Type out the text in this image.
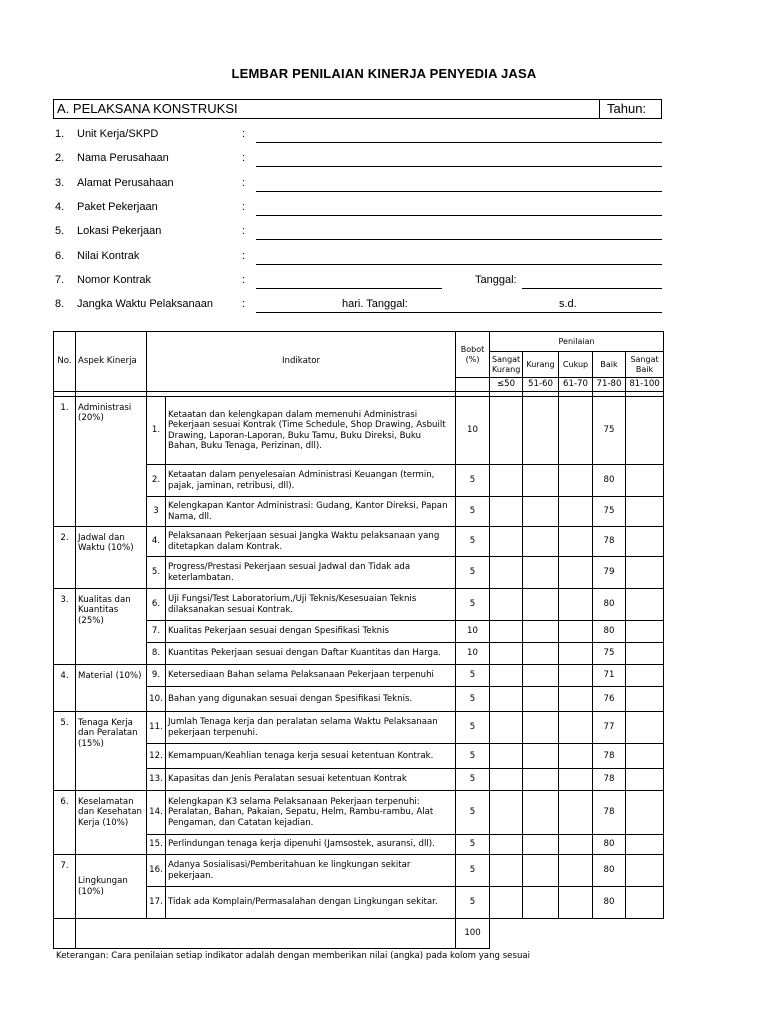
LEMBAR PENILAIAN KINERJA PENYEDIA JASA
A. PELAKSANA KONSTRUKSI	Tahun:
1. Unit Kerja/SKPD	:
2. Nama Perusahaan	:
3. Alamat Perusahaan	:
4. Paket Pekerjaan	:
5. Lokasi Pekerjaan	:
6. Nilai Kontrak	:
7. Nomor Kontrak	:	Tanggal:
8. Jangka Waktu Pelaksanaan	:	hari. Tanggal:	s.d.
No.	Aspek Kinerja	Indikator		Bobot (%)	Penilaian				
					Sangat Kurang	Kurang	Cukup	Baik	Sangat Baik
					≤50	51-60	61-70	71-80	81-100

1.	Administrasi (20%)	1.	Ketaatan dan kelengkapan dalam memenuhi Administrasi Pekerjaan sesuai Kontrak (Time Schedule, Shop Drawing, Asbuilt Drawing, Laporan-Laporan, Buku Tamu, Buku Direksi, Buku Bahan, Buku Tenaga, Perizinan, dll).	10				75	
		2.	Ketaatan dalam penyelesaian Administrasi Keuangan (termin, pajak, jaminan, retribusi, dll).	5				80	
		3	Kelengkapan Kantor Administrasi: Gudang, Kantor Direksi, Papan Nama, dll.	5				75	
2.	Jadwal dan Waktu (10%)	4.	Pelaksanaan Pekerjaan sesuai Jangka Waktu pelaksanaan yang ditetapkan dalam Kontrak.	5				78	
		5.	Progress/Prestasi Pekerjaan sesuai Jadwal dan Tidak ada keterlambatan.	5				79	
3.	Kualitas dan Kuantitas (25%)	6.	Uji Fungsi/Test Laboratorium,/Uji Teknis/Kesesuaian Teknis dilaksanakan sesuai Kontrak.	5				80	
		7.	Kualitas Pekerjaan sesuai dengan Spesifikasi Teknis	10				80	
		8.	Kuantitas Pekerjaan sesuai dengan Daftar Kuantitas dan Harga.	10				75	
4.	Material (10%)	9.	Ketersediaan Bahan selama Pelaksanaan Pekerjaan terpenuhi	5				71	
		10.	Bahan yang digunakan sesuai dengan Spesifikasi Teknis.	5				76	
5.	Tenaga Kerja dan Peralatan (15%)	11.	Jumlah Tenaga kerja dan peralatan selama Waktu Pelaksanaan pekerjaan terpenuhi.	5				77	
		12.	Kemampuan/Keahlian tenaga kerja sesuai ketentuan Kontrak.	5				78	
		13.	Kapasitas dan Jenis Peralatan sesuai ketentuan Kontrak	5				78	
6.	Keselamatan dan Kesehatan Kerja (10%)	14.	Kelengkapan K3 selama Pelaksanaan Pekerjaan terpenuhi: Peralatan, Bahan, Pakaian, Sepatu, Helm, Rambu-rambu, Alat Pengaman, dan Catatan kejadian.	5				78	
		15.	Perlindungan tenaga kerja dipenuhi (Jamsostek, asuransi, dll).	5				80	
7.	Lingkungan (10%)	16.	Adanya Sosialisasi/Pemberitahuan ke lingkungan sekitar pekerjaan.	5				80	
		17.	Tidak ada Komplain/Permasalahan dengan Lingkungan sekitar.	5				80	
				100					
Keterangan: Cara penilaian setiap indikator adalah dengan memberikan nilai (angka) pada kolom yang sesuai
